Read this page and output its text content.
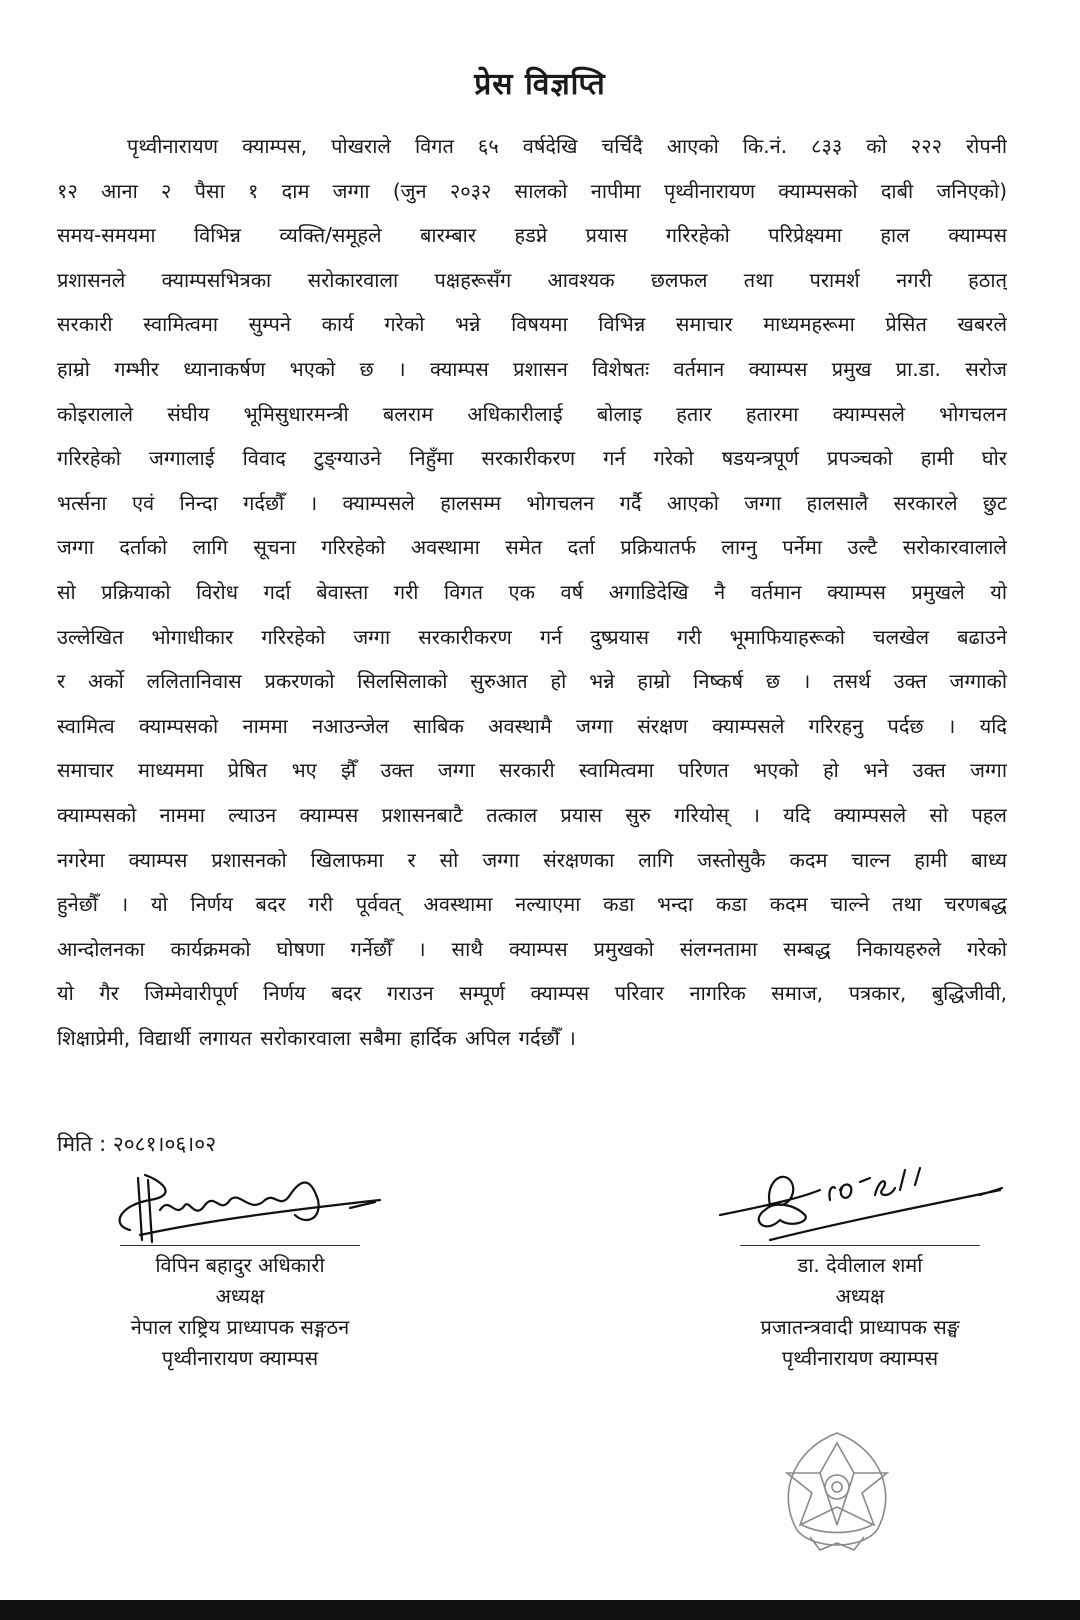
प्रेस विज्ञप्ति
पृथ्वीनारायण क्याम्पस, पोखराले विगत ६५ वर्षदेखि चर्चिदै आएको कि.नं. ८३३ को २२२ रोपनी
१२ आना २ पैसा १ दाम जग्गा (जुन २०३२ सालको नापीमा पृथ्वीनारायण क्याम्पसको दाबी जनिएको)
समय-समयमा विभिन्न व्यक्ति/समूहले बारम्बार हडप्ने प्रयास गरिरहेको परिप्रेक्ष्यमा हाल क्याम्पस
प्रशासनले क्याम्पसभित्रका सरोकारवाला पक्षहरूसँग आवश्यक छलफल तथा परामर्श नगरी हठात्
सरकारी स्वामित्वमा सुम्पने कार्य गरेको भन्ने विषयमा विभिन्न समाचार माध्यमहरूमा प्रेसित खबरले
हाम्रो गम्भीर ध्यानाकर्षण भएको छ । क्याम्पस प्रशासन विशेषतः वर्तमान क्याम्पस प्रमुख प्रा.डा. सरोज
कोइरालाले संघीय भूमिसुधारमन्त्री बलराम अधिकारीलाई बोलाइ हतार हतारमा क्याम्पसले भोगचलन
गरिरहेको जग्गालाई विवाद टुङ्ग्याउने निहुँमा सरकारीकरण गर्न गरेको षडयन्त्रपूर्ण प्रपञ्चको हामी घोर
भर्त्सना एवं निन्दा गर्दछौँ । क्याम्पसले हालसम्म भोगचलन गर्दै आएको जग्गा हालसालै सरकारले छुट
जग्गा दर्ताको लागि सूचना गरिरहेको अवस्थामा समेत दर्ता प्रक्रियातर्फ लाग्नु पर्नेमा उल्टै सरोकारवालाले
सो प्रक्रियाको विरोध गर्दा बेवास्ता गरी विगत एक वर्ष अगाडिदेखि नै वर्तमान क्याम्पस प्रमुखले यो
उल्लेखित भोगाधीकार गरिरहेको जग्गा सरकारीकरण गर्न दुष्प्रयास गरी भूमाफियाहरूको चलखेल बढाउने
र अर्को ललितानिवास प्रकरणको सिलसिलाको सुरुआत हो भन्ने हाम्रो निष्कर्ष छ । तसर्थ उक्त जग्गाको
स्वामित्व क्याम्पसको नाममा नआउन्जेल साबिक अवस्थामै जग्गा संरक्षण क्याम्पसले गरिरहनु पर्दछ । यदि
समाचार माध्यममा प्रेषित भए झैँ उक्त जग्गा सरकारी स्वामित्वमा परिणत भएको हो भने उक्त जग्गा
क्याम्पसको नाममा ल्याउन क्याम्पस प्रशासनबाटै तत्काल प्रयास सुरु गरियोस् । यदि क्याम्पसले सो पहल
नगरेमा क्याम्पस प्रशासनको खिलाफमा र सो जग्गा संरक्षणका लागि जस्तोसुकै कदम चाल्न हामी बाध्य
हुनेछौँ । यो निर्णय बदर गरी पूर्ववत् अवस्थामा नल्याएमा कडा भन्दा कडा कदम चाल्ने तथा चरणबद्ध
आन्दोलनका कार्यक्रमको घोषणा गर्नेछौँ । साथै क्याम्पस प्रमुखको संलग्नतामा सम्बद्ध निकायहरुले गरेको
यो गैर जिम्मेवारीपूर्ण निर्णय बदर गराउन सम्पूर्ण क्याम्पस परिवार नागरिक समाज, पत्रकार, बुद्धिजीवी,
शिक्षाप्रेमी, विद्यार्थी लगायत सरोकारवाला सबैमा हार्दिक अपिल गर्दछौँ ।
मिति : २०८१।०६।०२
विपिन बहादुर अधिकारी
अध्यक्ष
नेपाल राष्ट्रिय प्राध्यापक सङ्गठन
पृथ्वीनारायण क्याम्पस
डा. देवीलाल शर्मा
अध्यक्ष
प्रजातन्त्रवादी प्राध्यापक सङ्घ
पृथ्वीनारायण क्याम्पस
